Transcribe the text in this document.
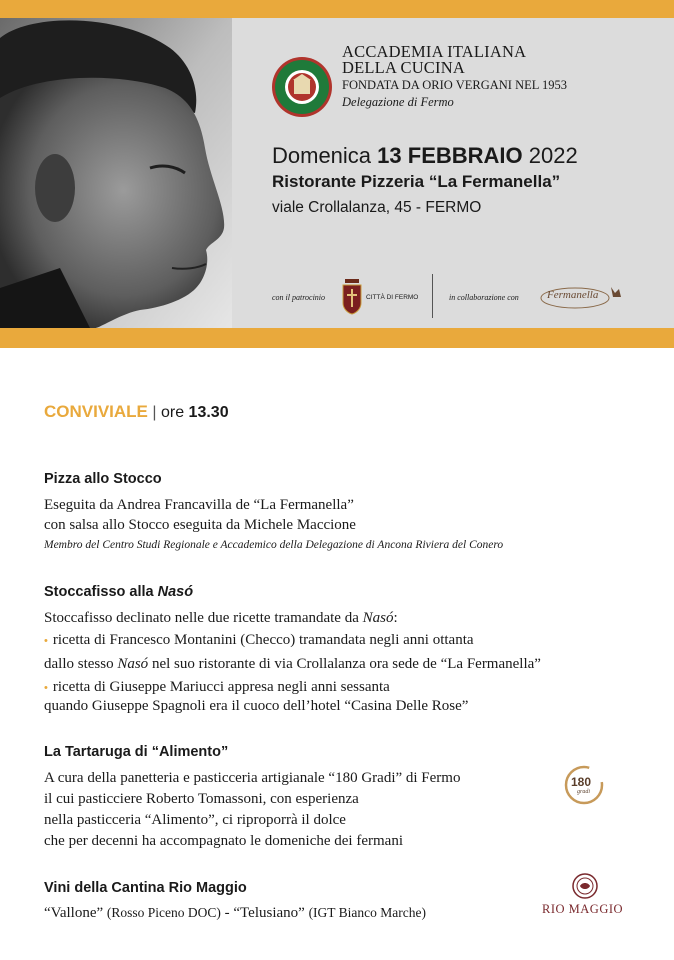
ACCADEMIA ITALIANA
DELLA CUCINA
FONDATA DA ORIO VERGANI NEL 1953
Delegazione di Fermo
Domenica 13 FEBBRAIO 2022
Ristorante Pizzeria “La Fermanella”
viale Crollalanza, 45 - FERMO
con il patrocinio	CITTÀ DI FERMO	in collaborazione con	Fermanella
CONVIVIALE | ore 13.30
Pizza allo Stocco
Eseguita da Andrea Francavilla de “La Fermanella”
con salsa allo Stocco eseguita da Michele Maccione
Membro del Centro Studi Regionale e Accademico della Delegazione di Ancona Riviera del Conero
Stoccafisso alla Nasó
Stoccafisso declinato nelle due ricette tramandate da Nasó:
• ricetta di Francesco Montanini (Checco) tramandata negli anni ottanta
dallo stesso Nasó nel suo ristorante di via Crollalanza ora sede de “La Fermanella”
• ricetta di Giuseppe Mariucci appresa negli anni sessanta
quando Giuseppe Spagnoli era il cuoco dell’hotel “Casina Delle Rose”
La Tartaruga di “Alimento”
A cura della panetteria e pasticceria artigianale “180 Gradi” di Fermo
il cui pasticciere Roberto Tomassoni, con esperienza
nella pasticceria “Alimento”, ci riproporrà il dolce
che per decenni ha accompagnato le domeniche dei fermani
180
gradi
Vini della Cantina Rio Maggio
“Vallone” (Rosso Piceno DOC) - “Telusiano” (IGT Bianco Marche)	RIO MAGGIO
